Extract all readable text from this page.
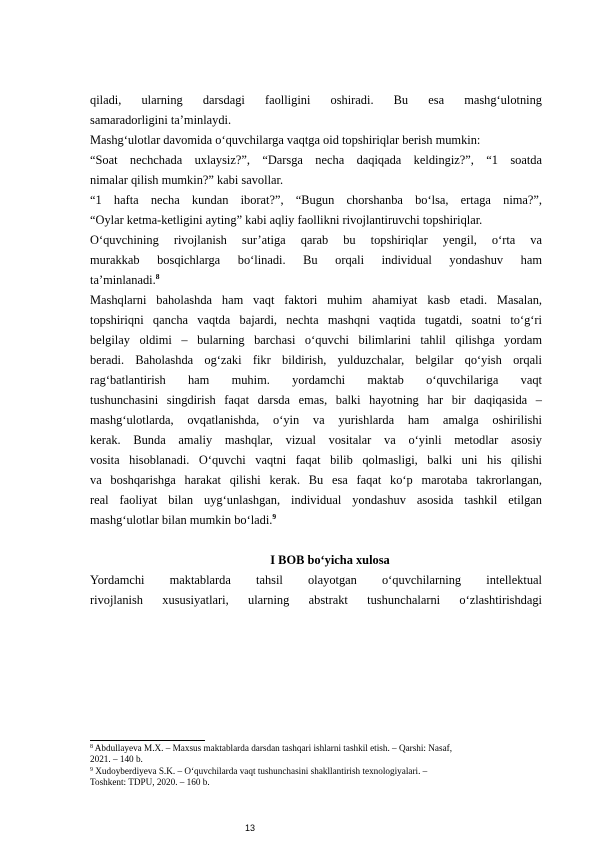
qiladi, ularning darsdagi faolligini oshiradi. Bu esa mashg‘ulotning

samaradorligini ta’minlaydi.

Mashg‘ulotlar davomida o‘quvchilarga vaqtga oid topshiriqlar berish mumkin:

“Soat nechchada uxlaysiz?”, “Darsga necha daqiqada keldingiz?”, “1 soatda

nimalar qilish mumkin?” kabi savollar.

“1 hafta necha kundan iborat?”, “Bugun chorshanba bo‘lsa, ertaga nima?”,

“Oylar ketma-ketligini ayting” kabi aqliy faollikni rivojlantiruvchi topshiriqlar.

O‘quvchining rivojlanish sur’atiga qarab bu topshiriqlar yengil, o‘rta va

murakkab bosqichlarga bo‘linadi. Bu orqali individual yondashuv ham

ta’minlanadi.$^8$

Mashqlarni baholashda ham vaqt faktori muhim ahamiyat kasb etadi. Masalan,

topshiriqni qancha vaqtda bajardi, nechta mashqni vaqtida tugatdi, soatni to‘g‘ri

belgilay oldimi – bularning barchasi o‘quvchi bilimlarini tahlil qilishga yordam

beradi. Baholashda og‘zaki fikr bildirish, yulduzchalar, belgilar qo‘yish orqali

rag‘batlantirish ham muhim. yordamchi maktab o‘quvchilariga vaqt

tushunchasini singdirish faqat darsda emas, balki hayotning har bir daqiqasida –

mashg‘ulotlarda, ovqatlanishda, o‘yin va yurishlarda ham amalga oshirilishi

kerak. Bunda amaliy mashqlar, vizual vositalar va o‘yinli metodlar asosiy

vosita hisoblanadi. O‘quvchi vaqtni faqat bilib qolmasligi, balki uni his qilishi

va boshqarishga harakat qilishi kerak. Bu esa faqat ko‘p marotaba takrorlangan,

real faoliyat bilan uyg‘unlashgan, individual yondashuv asosida tashkil etilgan

mashg‘ulotlar bilan mumkin bo‘ladi.$^9$

I BOB bo‘yicha xulosa

Yordamchi maktablarda tahsil olayotgan o‘quvchilarning intellektual

rivojlanish xususiyatlari, ularning abstrakt tushunchalarni o‘zlashtirishdagi

$^8$ Abdullayeva M.X. – Maxsus maktablarda darsdan tashqari ishlarni tashkil etish. – Qarshi: Nasaf,
2021. – 140 b.
$^9$ Xudoyberdiyeva S.K. – O‘quvchilarda vaqt tushunchasini shakllantirish texnologiyalari. –
Toshkent: TDPU, 2020. – 160 b.
13
